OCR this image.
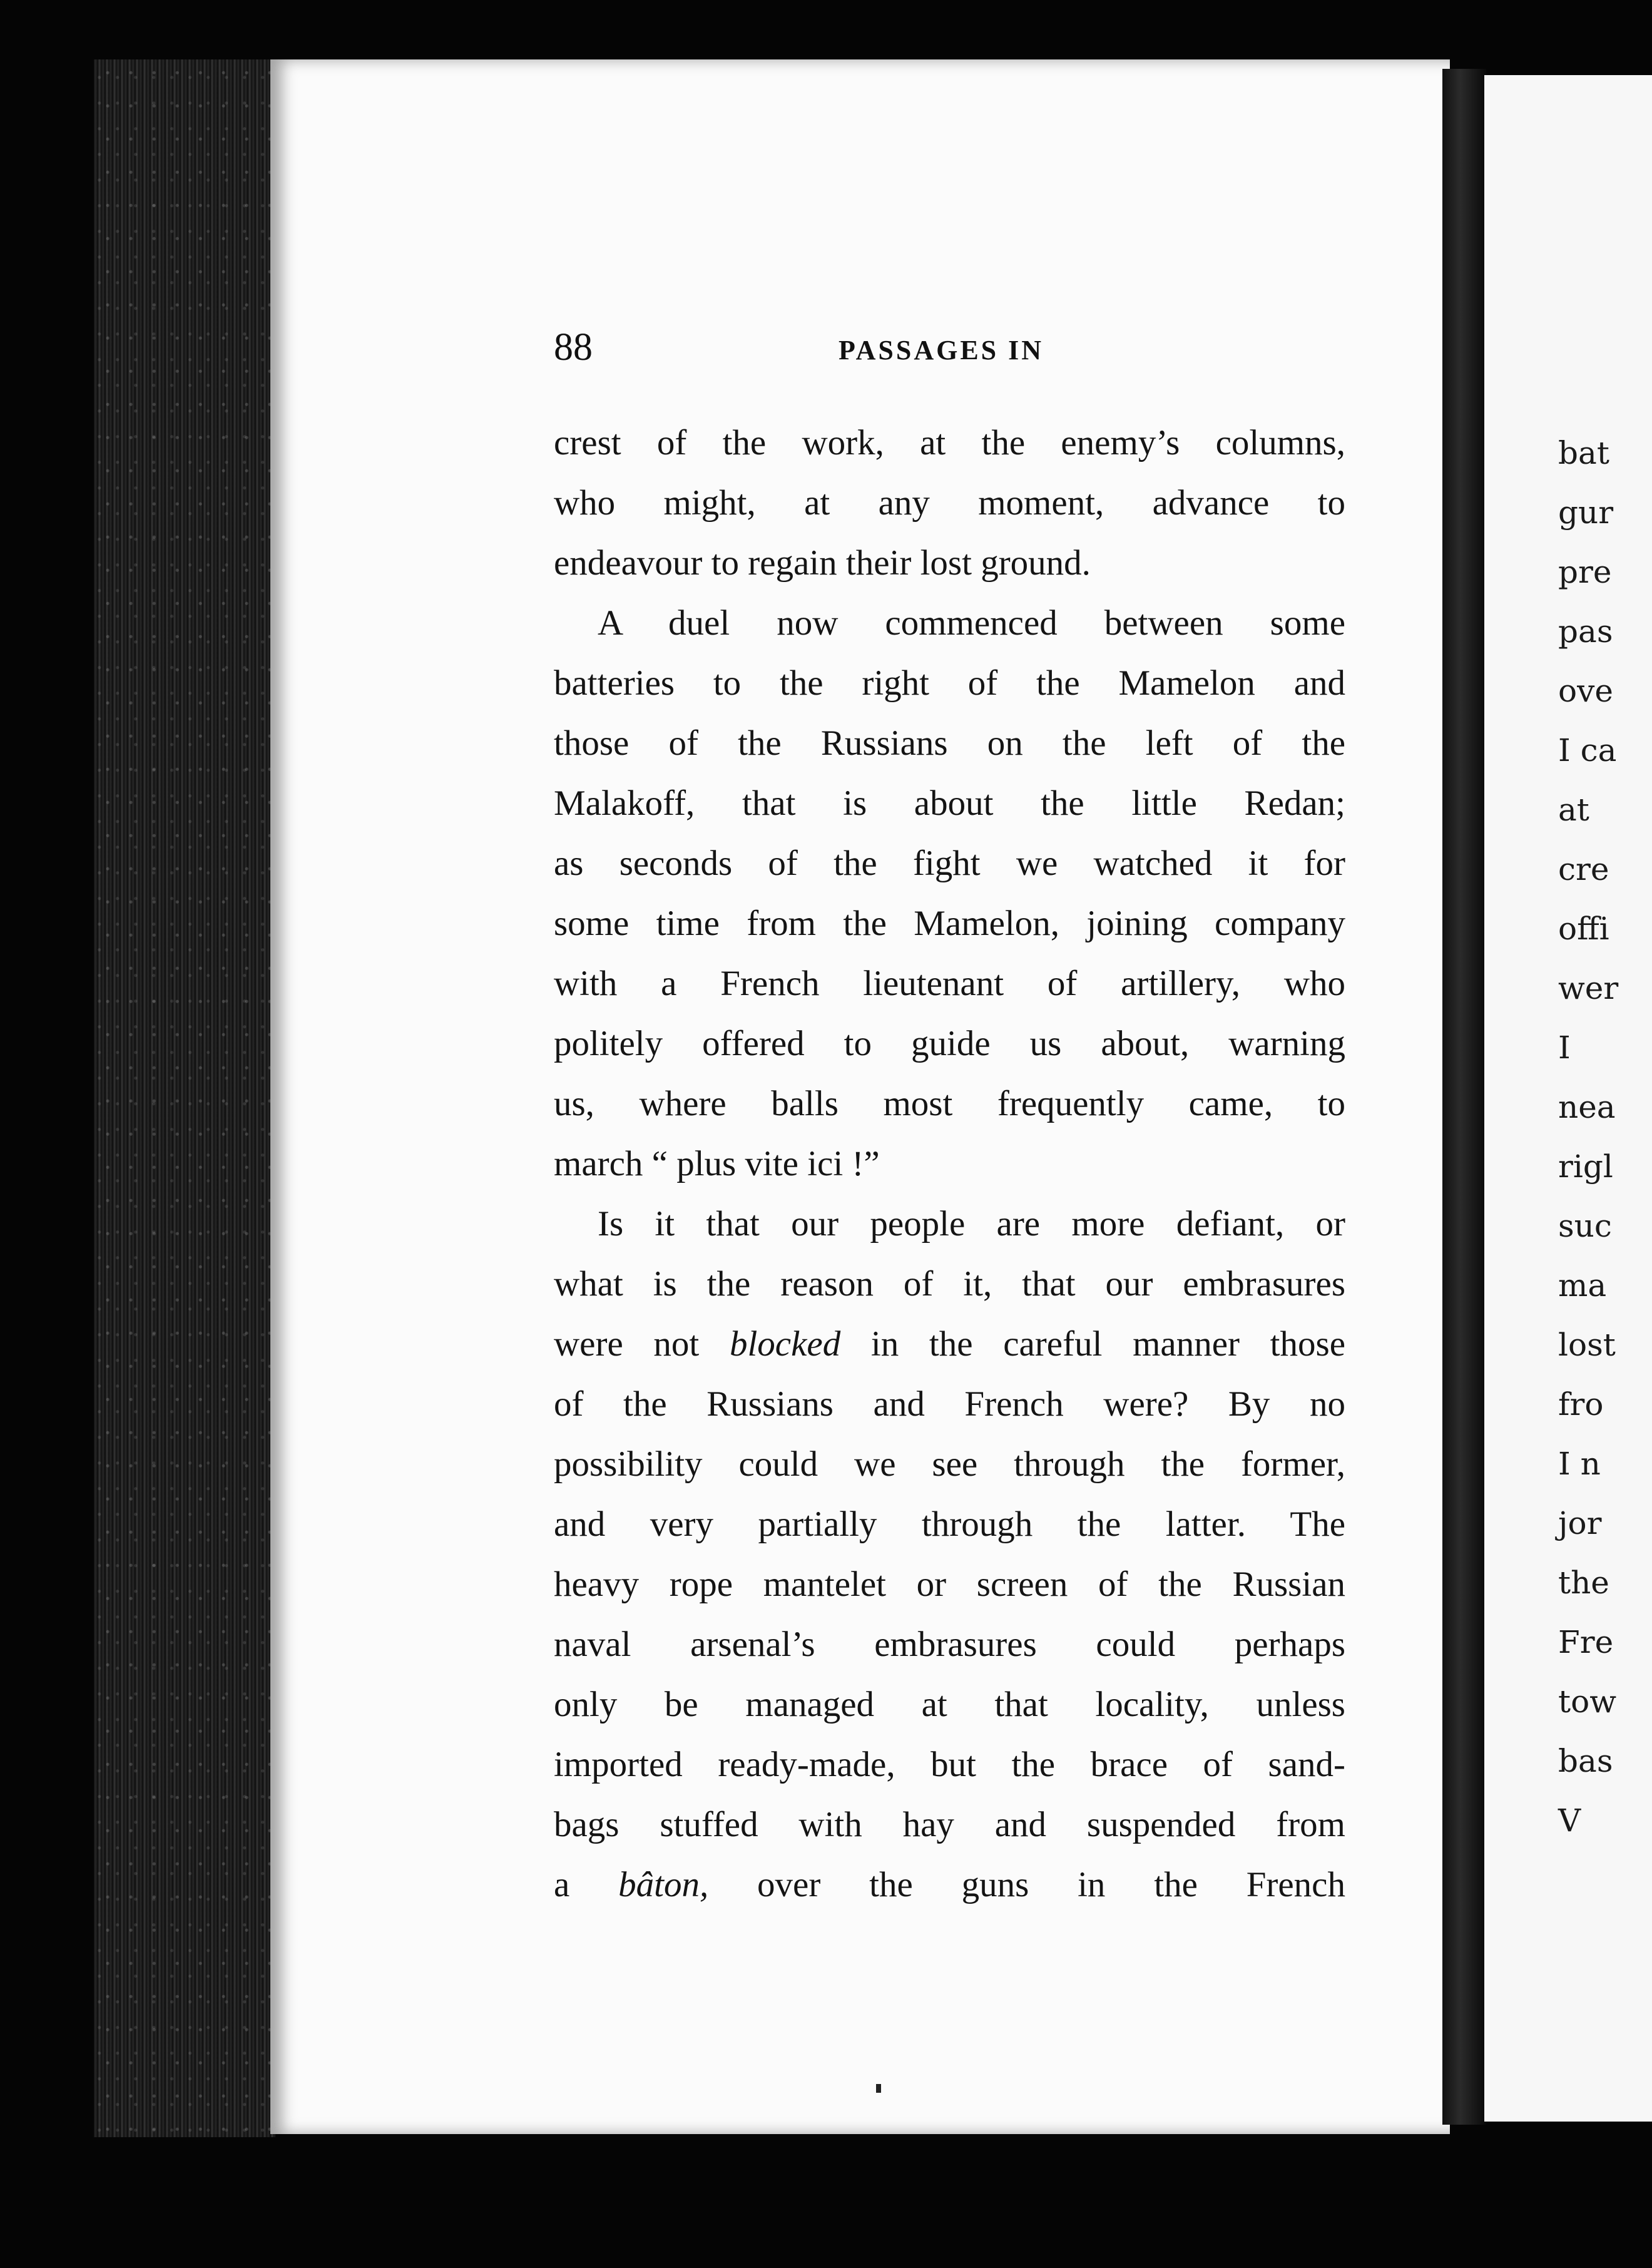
88	PASSAGES IN
crest of the work, at the enemy’s columns,
who might, at any moment, advance to
endeavour to regain their lost ground.
A duel now commenced between some
batteries to the right of the Mamelon and
those of the Russians on the left of the
Malakoff, that is about the little Redan;
as seconds of the fight we watched it for
some time from the Mamelon, joining company
with a French lieutenant of artillery, who
politely offered to guide us about, warning
us, where balls most frequently came, to
march “ plus vite ici !”
Is it that our people are more defiant, or
what is the reason of it, that our embrasures
were not blocked in the careful manner those
of the Russians and French were? By no
possibility could we see through the former,
and very partially through the latter. The
heavy rope mantelet or screen of the Russian
naval arsenal’s embrasures could perhaps
only be managed at that locality, unless
imported ready-made, but the brace of sand-
bags stuffed with hay and suspended from
a bâton, over the guns in the French
bat
gur
pre
pas
ove
I ca
at
cre
offi
wer
I
nea
rigl
suc
ma
lost
fro
I n
jor
the
Fre
tow
bas
V
